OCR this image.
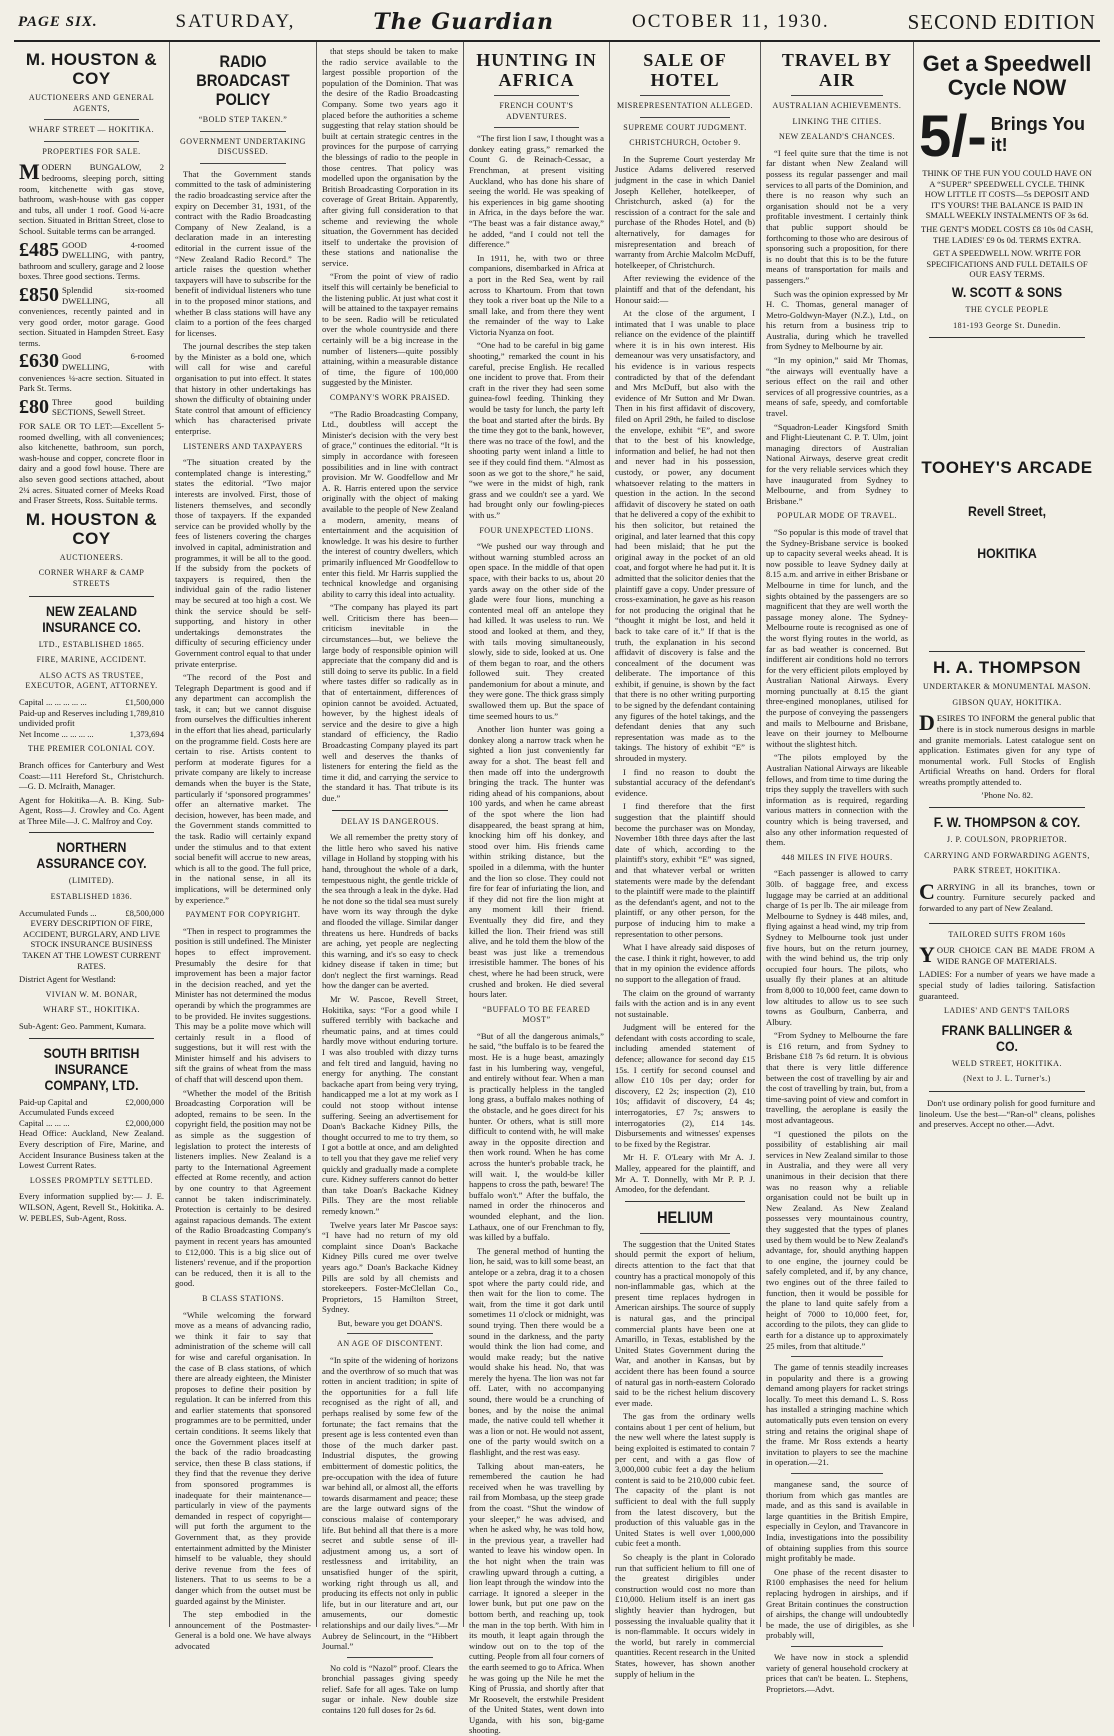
PAGE SIX.	SATURDAY,	The Guardian	OCTOBER 11, 1930.	SECOND EDITION
M. HOUSTON & COY
AUCTIONEERS AND GENERAL AGENTS,
WHARF STREET — HOKITIKA.
PROPERTIES FOR SALE.

MODERN BUNGALOW, 2 bedrooms, sleeping porch, sitting room, kitchenette with gas stove, bathroom, wash-house with gas copper and tubs, all under 1 roof. Good ¼-acre section. Situated in Brittan Street, close to School. Suitable terms can be arranged.

£485 GOOD 4-roomed DWELLING, with pantry, bathroom and scullery, garage and 2 loose boxes. Three good sections. Terms.

£850 Splendid six-roomed DWELLING, all conveniences, recently painted and in very good order, motor garage. Good section. Situated in Hampden Street. Easy terms.

£630 Good 6-roomed DWELLING, with conveniences ¼-acre section. Situated in Park St. Terms.

£80 Three good building SECTIONS, Sewell Street.

FOR SALE OR TO LET:—Excellent 5-roomed dwelling, with all conveniences; also kitchenette, bathroom, sun porch, wash-house and copper, concrete floor in dairy and a good fowl house. There are also seven good sections attached, about 2¼ acres. Situated corner of Meeks Road and Fraser Streets, Ross. Suitable terms.

M. HOUSTON & COY
AUCTIONEERS.
CORNER WHARF & CAMP STREETS
NEW ZEALAND INSURANCE CO.
LTD., ESTABLISHED 1865.
FIRE, MARINE, ACCIDENT.
ALSO ACTS AS TRUSTEE, EXECUTOR, AGENT, ATTORNEY.
Capital ... ... ... ... ...	£1,500,000
Paid-up and Reserves including undivided profit
1,789,810
Net Income ... ... ... ...	1,373,694
THE PREMIER COLONIAL COY.

Branch offices for Canterbury and West Coast:—111 Hereford St., Christchurch.—G. D. McIraith, Manager.

Agent for Hokitika—A. B. King. Sub-Agent, Ross—J. Crowley and Co. Agent at Three Mile—J. C. Malfroy and Coy.

NORTHERN ASSURANCE COY.
(LIMITED).
ESTABLISHED 1836.
Accumulated Funds ...	£8,500,000

EVERY DESCRIPTION OF FIRE, ACCIDENT, BURGLARY, AND LIVE STOCK INSURANCE BUSINESS TAKEN AT THE LOWEST CURRENT RATES.

District Agent for Westland:

VIVIAN W. M. BONAR,
WHARF ST., HOKITIKA.

Sub-Agent: Geo. Pamment, Kumara.

SOUTH BRITISH INSURANCE COMPANY, LTD.
Paid-up Capital and Accumulated Funds exceed
£2,000,000
Capital ... ... ...	£2,000,000

Head Office: Auckland, New Zealand. Every description of Fire, Marine, and Accident Insurance Business taken at the Lowest Current Rates.

LOSSES PROMPTLY SETTLED.

Every information supplied by:— J. E. WILSON, Agent, Revell St., Hokitika. A. W. PEBLES, Sub-Agent, Ross.

RADIO BROADCAST POLICY
“BOLD STEP TAKEN.”
GOVERNMENT UNDERTAKING DISCUSSED.

That the Government stands committed to the task of administering the radio broadcasting service after the expiry on December 31, 1931, of the contract with the Radio Broadcasting Company of New Zealand, is a declaration made in an interesting editorial in the current issue of the “New Zealand Radio Record.” The article raises the question whether taxpayers will have to subscribe for the benefit of individual listeners who tune in to the proposed minor stations, and whether B class stations will have any claim to a portion of the fees charged for licenses.

The journal describes the step taken by the Minister as a bold one, which will call for wise and careful organisation to put into effect. It states that history in other undertakings has shown the difficulty of obtaining under State control that amount of efficiency which has characterised private enterprise.

LISTENERS AND TAXPAYERS

“The situation created by the contemplated change is interesting,” states the editorial. “Two major interests are involved. First, those of listeners themselves, and secondly those of taxpayers. If the expanded service can be provided wholly by the fees of listeners covering the charges involved in capital, administration and programmes, it will be all to the good. If the subsidy from the pockets of taxpayers is required, then the individual gain of the radio listener may be secured at too high a cost. We think the service should be self-supporting, and history in other undertakings demonstrates the difficulty of securing efficiency under Government control equal to that under private enterprise.

“The record of the Post and Telegraph Department is good and if any department can accomplish the task, it can; but we cannot disguise from ourselves the difficulties inherent in the effort that lies ahead, particularly on the programme field. Costs here are certain to rise. Artists content to perform at moderate figures for a private company are likely to increase demands when the buyer is the State, particularly if ‘sponsored programmes’ offer an alternative market. The decision, however, has been made, and the Government stands committed to the task. Radio will certainly expand under the stimulus and to that extent social benefit will accrue to new areas, which is all to the good. The full price, in the national sense, in all its implications, will be determined only by experience.”

PAYMENT FOR COPYRIGHT.

“Then in respect to programmes the position is still undefined. The Minister hopes to effect improvement. Presumably the desire for that improvement has been a major factor in the decision reached, and yet the Minister has not determined the modus operandi by which the programmes are to be provided. He invites suggestions. This may be a polite move which will certainly result in a flood of suggestions, but it will rest with the Minister himself and his advisers to sift the grains of wheat from the mass of chaff that will descend upon them.

“Whether the model of the British Broadcasting Corporation will be adopted, remains to be seen. In the copyright field, the position may not be as simple as the suggestion of legislation to protect the interests of listeners implies. New Zealand is a party to the International Agreement effected at Rome recently, and action by one country to that Agreement cannot be taken indiscriminately. Protection is certainly to be desired against rapacious demands. The extent of the Radio Broadcasting Company's payment in recent years has amounted to £12,000. This is a big slice out of listeners' revenue, and if the proportion can be reduced, then it is all to the good.

B CLASS STATIONS.

“While welcoming the forward move as a means of advancing radio, we think it fair to say that administration of the scheme will call for wise and careful organisation. In the case of B class stations, of which there are already eighteen, the Minister proposes to define their position by regulation. It can be inferred from this and earlier statements that sponsored programmes are to be permitted, under certain conditions. It seems likely that once the Government places itself at the back of the radio broadcasting service, then these B class stations, if they find that the revenue they derive from sponsored programmes is inadequate for their maintenance—particularly in view of the payments demanded in respect of copyright—will put forth the argument to the Government that, as they provide entertainment admitted by the Minister himself to be valuable, they should derive revenue from the fees of listeners. That to us seems to be a danger which from the outset must be guarded against by the Minister.

The step embodied in the announcement of the Postmaster-General is a bold one. We have always advocated

that steps should be taken to make the radio service available to the largest possible proportion of the population of the Dominion. That was the desire of the Radio Broadcasting Company. Some two years ago it placed before the authorities a scheme suggesting that relay station should be built at certain strategic centres in the provinces for the purpose of carrying the blessings of radio to the people in those centres. That policy was modelled upon the organisation by the British Broadcasting Corporation in its coverage of Great Britain. Apparently, after giving full consideration to that scheme and reviewing the whole situation, the Government has decided itself to undertake the provision of these stations and nationalise the service.

“From the point of view of radio itself this will certainly be beneficial to the listening public. At just what cost it will be attained to the taxpayer remains to be seen. Radio will be reticulated over the whole countryside and there certainly will be a big increase in the number of listeners—quite possibly attaining, within a measurable distance of time, the figure of 100,000 suggested by the Minister.

COMPANY'S WORK PRAISED.

“The Radio Broadcasting Company, Ltd., doubtless will accept the Minister's decision with the very best of grace,” continues the editorial. “It is simply in accordance with foreseen possibilities and in line with contract provision. Mr W. Goodfellow and Mr A. R. Harris entered upon the service originally with the object of making available to the people of New Zealand a modern, amenity, means of entertainment and the acquisition of knowledge. It was his desire to further the interest of country dwellers, which primarily influenced Mr Goodfellow to enter this field. Mr Harris supplied the technical knowledge and organising ability to carry this ideal into actuality.

“The company has played its part well. Criticism there has been—criticism inevitable in the circumstances—but, we believe the large body of responsible opinion will appreciate that the company did and is still doing to serve its public. In a field where tastes differ so radically as in that of entertainment, differences of opinion cannot be avoided. Actuated, however, by the highest ideals of service and the desire to give a high standard of efficiency, the Radio Broadcasting Company played its part well and deserves the thanks of listeners for entering the field as the time it did, and carrying the service to the standard it has. That tribute is its due.”

DELAY IS DANGEROUS.

We all remember the pretty story of the little hero who saved his native village in Holland by stopping with his hand, throughout the whole of a dark, tempestuous night, the gentle trickle of the sea through a leak in the dyke. Had he not done so the tidal sea must surely have worn its way through the dyke and flooded the village. Similar danger threatens us here. Hundreds of backs are aching, yet people are neglecting this warning, and it's so easy to check kidney disease if taken in time; but don't neglect the first warnings. Read how the danger can be averted.

Mr W. Pascoe, Revell Street, Hokitika, says: “For a good while I suffered terribly with backache and rheumatic pains, and at times could hardly move without enduring torture. I was also troubled with dizzy turns and felt tired and languid, having no energy for anything. The constant backache apart from being very trying, handicapped me a lot at my work as I could not stoop without intense suffering. Seeing an advertisement for Doan's Backache Kidney Pills, the thought occurred to me to try them, so I got a bottle at once, and am delighted to tell you that they gave me relief very quickly and gradually made a complete cure. Kidney sufferers cannot do better than take Doan's Backache Kidney Pills. They are the most reliable remedy known.”

Twelve years later Mr Pascoe says: “I have had no return of my old complaint since Doan's Backache Kidney Pills cured me over twelve years ago.” Doan's Backache Kidney Pills are sold by all chemists and storekeepers. Foster-McClellan Co., Proprietors, 15 Hamilton Street, Sydney.

But, beware you get DOAN'S.

AN AGE OF DISCONTENT.

“In spite of the widening of horizons and the overthrow of so much that was rotten in ancient tradition; in spite of the opportunities for a full life recognised as the right of all, and perhaps realised by some few of the fortunate; the fact remains that the present age is less contented even than those of the much darker past. Industrial disputes, the growing embitterment of domestic politics, the pre-occupation with the idea of future war behind all, or almost all, the efforts towards disarmament and peace; these are the large outward signs of the conscious malaise of contemporary life. But behind all that there is a more secret and subtle sense of ill-adjustment among us, a sort of restlessness and irritability, an unsatisfied hunger of the spirit, working right through us all, and producing its effects not only in public life, but in our literature and art, our amusements, our domestic relationships and our daily lives.”—Mr Aubrey de Selincourt, in the “Hibbert Journal.”

No cold is “Nazol” proof. Clears the bronchial passages giving speedy relief. Safe for all ages. Take on lump sugar or inhale. New double size contains 120 full doses for 2s 6d.

HUNTING IN AFRICA
FRENCH COUNT'S ADVENTURES.

“The first lion I saw, I thought was a donkey eating grass,” remarked the Count G. de Reinach-Cessac, a Frenchman, at present visiting Auckland, who has done his share of seeing the world. He was speaking of his experiences in big game shooting in Africa, in the days before the war. “The beast was a fair distance away,” he added, “and I could not tell the difference.”

In 1911, he, with two or three companions, disembarked in Africa at a port in the Red Sea, went by rail across to Khartoum. From that town they took a river boat up the Nile to a small lake, and from there they went the remainder of the way to Lake Victoria Nyanza on foot.

“One had to be careful in big game shooting,” remarked the count in his careful, precise English. He recalled one incident to prove that. From their craft in the river they had seen some guinea-fowl feeding. Thinking they would be tasty for lunch, the party left the boat and started after the birds. By the time they got to the bank, however, there was no trace of the fowl, and the shooting party went inland a little to see if they could find them. “Almost as soon as we got to the shore,” he said, “we were in the midst of high, rank grass and we couldn't see a yard. We had brought only our fowling-pieces with us.”

FOUR UNEXPECTED LIONS.

“We pushed our way through and without warning stumbled across an open space. In the middle of that open space, with their backs to us, about 20 yards away on the other side of the glade were four lions, munching a contented meal off an antelope they had killed. It was useless to run. We stood and looked at them, and they, with tails moving simultaneously, slowly, side to side, looked at us. One of them began to roar, and the others followed suit. They created pandemonium for about a minute, and they were gone. The thick grass simply swallowed them up. But the space of time seemed hours to us.”

Another lion hunter was going a donkey along a narrow track when he sighted a lion just conveniently far away for a shot. The beast fell and then made off into the undergrowth bringing the track. The hunter was riding ahead of his companions, about 100 yards, and when he came abreast of the spot where the lion had disappeared, the beast sprang at him, knocking him off his donkey, and stood over him. His friends came within striking distance, but the spoiled in a dilemma, with the hunter and the lion so close. They could not fire for fear of infuriating the lion, and if they did not fire the lion might at any moment kill their friend. Eventually they did fire, and they killed the lion. Their friend was still alive, and he told them the blow of the beast was just like a tremendous irresistible hammer. The bones of his chest, where he had been struck, were crushed and broken. He died several hours later.

“BUFFALO TO BE FEARED MOST”

“But of all the dangerous animals,” he said, “the buffalo is to be feared the most. He is a huge beast, amazingly fast in his lumbering way, vengeful, and entirely without fear. When a man is practically helpless in the tangled long grass, a buffalo makes nothing of the obstacle, and he goes direct for his hunter. Or others, what is still more difficult to contend with, he will make away in the opposite direction and then work round. When he has come across the hunter's probable track, he will wait. I, the would-be killer happens to cross the path, beware! The buffalo won't.” After the buffalo, the named in order the rhinoceros and wounded elephant, and the lion. Lathaux, one of our Frenchman to fly, was killed by a buffalo.

The general method of hunting the lion, he said, was to kill some beast, an antelope or a zebra, drag it to a chosen spot where the party could ride, and then wait for the lion to come. The wait, from the time it got dark until sometimes 11 o'clock or midnight, was sound trying. Then there would be a sound in the darkness, and the party would think the lion had come, and would make ready; but the native would shake his head. No, that was merely the hyena. The lion was not far off. Later, with no accompanying sound, there would be a crunching of bones, and by the noise the animal made, the native could tell whether it was a lion or not. He would not assent, one of the party would switch on a flashlight, and the rest was easy.

Talking about man-eaters, he remembered the caution he had received when he was travelling by rail from Mombasa, up the steep grade from the coast. “Shut the window of your sleeper,” he was advised, and when he asked why, he was told how, in the previous year, a traveller had wanted to leave his window open. In the hot night when the train was crawling upward through a cutting, a lion leapt through the window into the carriage. It ignored a sleeper in the lower bunk, but put one paw on the bottom berth, and reaching up, took the man in the top berth. With him in its mouth, it leapt again through the window out on to the top of the cutting. People from all four corners of the earth seemed to go to Africa. When he was going up the Nile he met the King of Prussia, and shortly after that Mr Roosevelt, the erstwhile President of the United States, went down into Uganda, with his son, big-game shooting.

SALE OF HOTEL
MISREPRESENTATION ALLEGED.
SUPREME COURT JUDGMENT.
CHRISTCHURCH, October 9.

In the Supreme Court yesterday Mr Justice Adams delivered reserved judgment in the case in which Daniel Joseph Kelleher, hotelkeeper, of Christchurch, asked (a) for the rescission of a contract for the sale and purchase of the Rhodes Hotel, and (b) alternatively, for damages for misrepresentation and breach of warranty from Archie Malcolm McDuff, hotelkeeper, of Christchurch.

After reviewing the evidence of the plaintiff and that of the defendant, his Honour said:—

At the close of the argument, I intimated that I was unable to place reliance on the evidence of the plaintiff where it is in his own interest. His demeanour was very unsatisfactory, and his evidence is in various respects contradicted by that of the defendant and Mrs McDuff, but also with the evidence of Mr Sutton and Mr Dwan. Then in his first affidavit of discovery, filed on April 29th, he failed to disclose the envelope, exhibit “E”, and swore that to the best of his knowledge, information and belief, he had not then and never had in his possession, custody, or power, any document whatsoever relating to the matters in question in the action. In the second affidavit of discovery he stated on oath that he delivered a copy of the exhibit to his then solicitor, but retained the original, and later learned that this copy had been mislaid; that he put the original away in the pocket of an old coat, and forgot where he had put it. It is admitted that the solicitor denies that the plaintiff gave a copy. Under pressure of cross-examination, he gave as his reason for not producing the original that he “thought it might be lost, and held it back to take care of it.” If that is the truth, the explanation in his second affidavit of discovery is false and the concealment of the document was deliberate. The importance of this exhibit, if genuine, is shown by the fact that there is no other writing purporting to be signed by the defendant containing any figures of the hotel takings, and the defendant denies that any such representation was made as to the takings. The history of exhibit “E” is shrouded in mystery.

I find no reason to doubt the substantial accuracy of the defendant's evidence.

I find therefore that the first suggestion that the plaintiff should become the purchaser was on Monday, November 18th three days after the last date of which, according to the plaintiff's story, exhibit “E” was signed, and that whatever verbal or written statements were made by the defendant to the plaintiff were made to the plaintiff as the defendant's agent, and not to the plaintiff, or any other person, for the purpose of inducing him to make a representation to other persons.

What I have already said disposes of the case. I think it right, however, to add that in my opinion the evidence affords no support to the allegation of fraud.

The claim on the ground of warranty fails with the action and is in any event not sustainable.

Judgment will be entered for the defendant with costs according to scale, including amended statement of defence; allowance for second day £15 15s. I certify for second counsel and allow £10 10s per day; order for discovery, £2 2s; inspection (2), £10 10s; affidavit of discovery, £4 4s; interrogatories, £7 7s; answers to interrogatories (2), £14 14s. Disbursements and witnesses' expenses to be fixed by the Registrar.

Mr H. F. O'Leary with Mr A. J. Malley, appeared for the plaintiff, and Mr A. T. Donnelly, with Mr P. P. J. Amodeo, for the defendant.

HELIUM

The suggestion that the United States should permit the export of helium, directs attention to the fact that that country has a practical monopoly of this non-inflammable gas, which at the present time replaces hydrogen in American airships. The source of supply is natural gas, and the principal commercial plants have been one at Amarillo, in Texas, established by the United States Government during the War, and another in Kansas, but by accident there has been found a source of natural gas in north-eastern Colorado said to be the richest helium discovery ever made.

The gas from the ordinary wells contains about 1 per cent of helium, but the new well where the latest supply is being exploited is estimated to contain 7 per cent, and with a gas flow of 3,000,000 cubic feet a day the helium content is said to be 210,000 cubic feet. The capacity of the plant is not sufficient to deal with the full supply from the latest discovery, but the production of this valuable gas in the United States is well over 1,000,000 cubic feet a month.

So cheaply is the plant in Colorado run that sufficient helium to fill one of the greatest dirigibles under construction would cost no more than £10,000. Helium itself is an inert gas slightly heavier than hydrogen, but possessing the invaluable quality that it is non-flammable. It occurs widely in the world, but rarely in commercial quantities. Recent research in the United States, however, has shown another supply of helium in the

TRAVEL BY AIR
AUSTRALIAN ACHIEVEMENTS.
LINKING THE CITIES.
NEW ZEALAND'S CHANCES.

“I feel quite sure that the time is not far distant when New Zealand will possess its regular passenger and mail services to all parts of the Dominion, and there is no reason why such an organisation should not be a very profitable investment. I certainly think that public support should be forthcoming to those who are desirous of sponsoring such a proposition, for there is no doubt that this is to be the future means of transportation for mails and passengers.”

Such was the opinion expressed by Mr H. C. Thomas, general manager of Metro-Goldwyn-Mayer (N.Z.), Ltd., on his return from a business trip to Australia, during which he travelled from Sydney to Melbourne by air.

“In my opinion,” said Mr Thomas, “the airways will eventually have a serious effect on the rail and other services of all progressive countries, as a means of safe, speedy, and comfortable travel.

“Squadron-Leader Kingsford Smith and Flight-Lieutenant C. P. T. Ulm, joint managing directors of Australian National Airways, deserve great credit for the very reliable services which they have inaugurated from Sydney to Melbourne, and from Sydney to Brisbane.”

POPULAR MODE OF TRAVEL.

“So popular is this mode of travel that the Sydney-Brisbane service is booked up to capacity several weeks ahead. It is now possible to leave Sydney daily at 8.15 a.m. and arrive in either Brisbane or Melbourne in time for lunch, and the sights obtained by the passengers are so magnificent that they are well worth the passage money alone. The Sydney-Melbourne route is recognised as one of the worst flying routes in the world, as far as bad weather is concerned. But indifferent air conditions hold no terrors for the very efficient pilots employed by Australian National Airways. Every morning punctually at 8.15 the giant three-engined monoplanes, utilised for the purpose of conveying the passengers and mails to Melbourne and Brisbane, leave on their journey to Melbourne without the slightest hitch.

“The pilots employed by the Australian National Airways are likeable fellows, and from time to time during the trips they supply the travellers with such information as is required, regarding various matters in connection with the country which is being traversed, and also any other information requested of them.

448 MILES IN FIVE HOURS.

“Each passenger is allowed to carry 30lb. of baggage free, and excess luggage may be carried at an additional charge of 1s per lb. The air mileage from Melbourne to Sydney is 448 miles, and, flying against a head wind, my trip from Sydney to Melbourne took just under five hours, but on the return journey, with the wind behind us, the trip only occupied four hours. The pilots, who usually fly their planes at an altitude from 8,000 to 10,000 feet, came down to low altitudes to allow us to see such towns as Goulburn, Canberra, and Albury.

“From Sydney to Melbourne the fare is £16 return, and from Sydney to Brisbane £18 7s 6d return. It is obvious that there is very little difference between the cost of travelling by air and the cost of travelling by train, but, from a time-saving point of view and comfort in travelling, the aeroplane is easily the most advantageous.

“I questioned the pilots on the possibility of establishing air mail services in New Zealand similar to those in Australia, and they were all very unanimous in their decision that there was no reason why a reliable organisation could not be built up in New Zealand. As New Zealand possesses very mountainous country, they suggested that the types of planes used by them would be to New Zealand's advantage, for, should anything happen to one engine, the journey could be safely completed, and if, by any chance, two engines out of the three failed to function, then it would be possible for the plane to land quite safely from a height of 7000 to 10,000 feet, for, according to the pilots, they can glide to earth for a distance up to approximately 25 miles, from that altitude.”

The game of tennis steadily increases in popularity and there is a growing demand among players for racket strings locally. To meet this demand L. S. Ross has installed a stringing machine which automatically puts even tension on every string and retains the original shape of the frame. Mr Ross extends a hearty invitation to players to see the machine in operation.—21.

manganese sand, the source of thorium from which gas mantles are made, and as this sand is available in large quantities in the British Empire, especially in Ceylon, and Travancore in India, investigations into the possibility of obtaining supplies from this source might profitably be made.

One phase of the recent disaster to R100 emphasises the need for helium replacing hydrogen in airships, and if Great Britain continues the construction of airships, the change will undoubtedly be made, the use of dirigibles, as she probably will,

We have now in stock a splendid variety of general household crockery at prices that can't be beaten. L. Stephens, Proprietors.—Advt.

Get a Speedwell Cycle NOW
5/- Brings You it!

THINK OF THE FUN YOU COULD HAVE ON A “SUPER” SPEEDWELL CYCLE. THINK HOW LITTLE IT COSTS—5s DEPOSIT AND IT'S YOURS! THE BALANCE IS PAID IN SMALL WEEKLY INSTALMENTS OF 3s 6d.

THE GENT'S MODEL COSTS £8 10s 0d CASH, THE LADIES' £9 0s 0d. TERMS EXTRA.

GET A SPEEDWELL NOW. WRITE FOR SPECIFICATIONS AND FULL DETAILS OF OUR EASY TERMS.

W. SCOTT & SONS
THE CYCLE PEOPLE
181-193 George St. Dunedin.
TOOHEY'S ARCADE
Revell Street,
HOKITIKA
H. A. THOMPSON
UNDERTAKER & MONUMENTAL MASON.
GIBSON QUAY, HOKITIKA.

DESIRES TO INFORM the general public that there is in stock numerous designs in marble and granite memorials. Latest catalogue sent on application. Estimates given for any type of monumental work. Full Stocks of English Artificial Wreaths on hand. Orders for floral wreaths promptly attended to.

’Phone No. 82.

F. W. THOMPSON & COY.
J. P. COULSON, PROPRIETOR.
CARRYING AND FORWARDING AGENTS,
PARK STREET, HOKITIKA.

CARRYING in all its branches, town or country. Furniture securely packed and forwarded to any part of New Zealand.

TAILORED SUITS FROM 160s

YOUR CHOICE CAN BE MADE FROM A WIDE RANGE OF MATERIALS.

LADIES: For a number of years we have made a special study of ladies tailoring. Satisfaction guaranteed.

LADIES' AND GENT'S TAILORS
FRANK BALLINGER & CO.
WELD STREET, HOKITIKA.
(Next to J. L. Turner's.)

Don't use ordinary polish for good furniture and linoleum. Use the best—“Ran-ol” cleans, polishes and preserves. Accept no other.—Advt.
